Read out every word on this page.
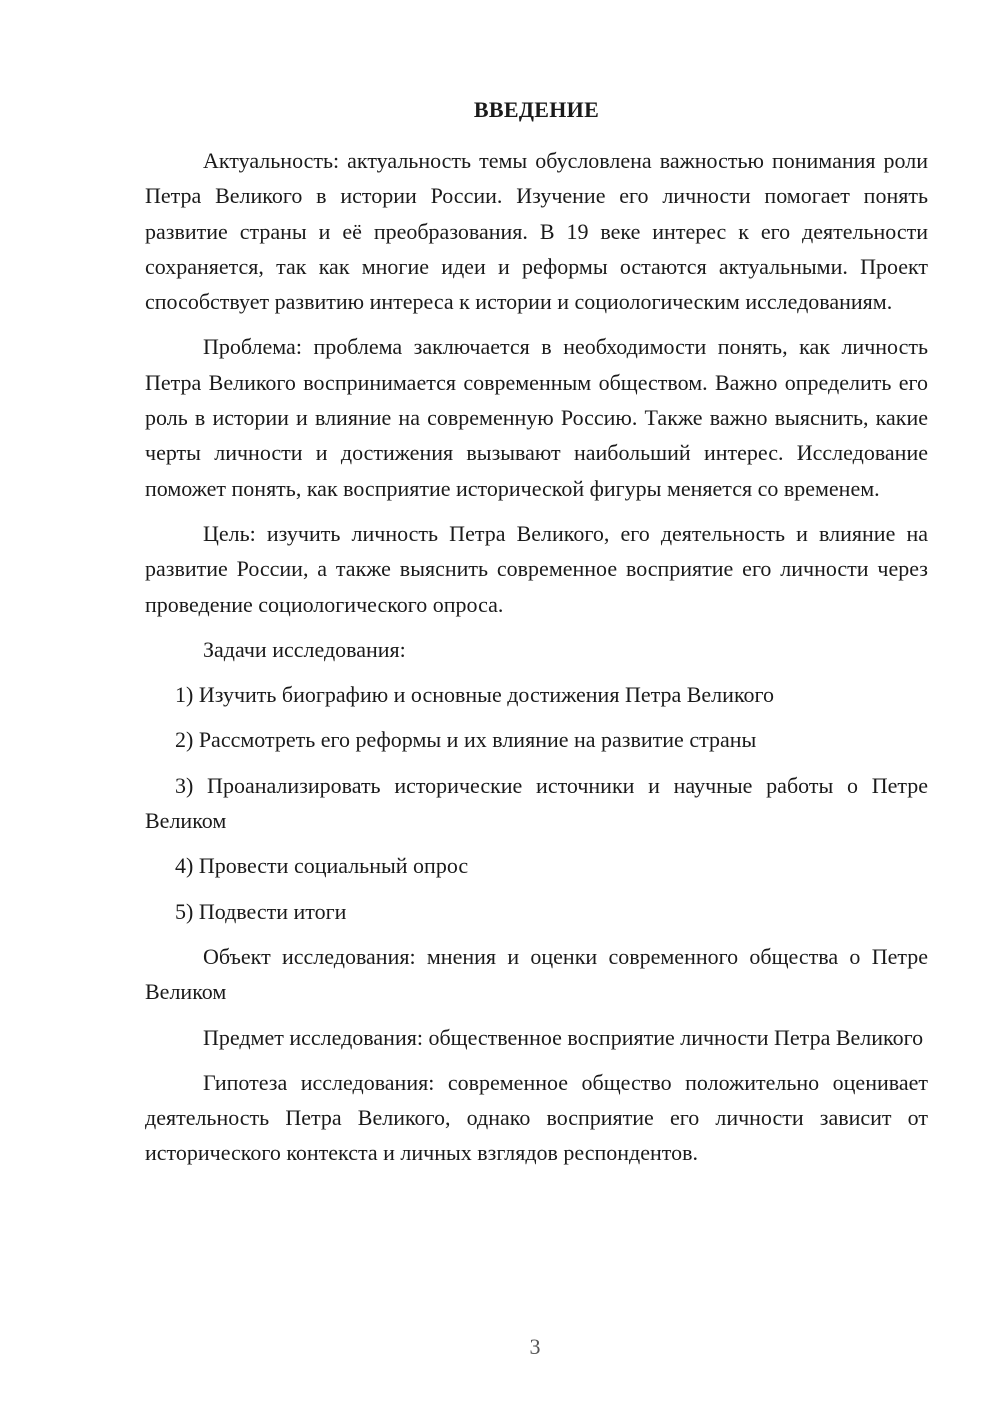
ВВЕДЕНИЕ

Актуальность: актуальность темы обусловлена важностью понимания роли Петра Великого в истории России. Изучение его личности помогает понять развитие страны и её преобразования. В 19 веке интерес к его деятельности сохраняется, так как многие идеи и реформы остаются актуальными. Проект способствует развитию интереса к истории и социологическим исследованиям.

Проблема: проблема заключается в необходимости понять, как личность Петра Великого воспринимается современным обществом. Важно определить его роль в истории и влияние на современную Россию. Также важно выяснить, какие черты личности и достижения вызывают наибольший интерес. Исследование поможет понять, как восприятие исторической фигуры меняется со временем.

Цель: изучить личность Петра Великого, его деятельность и влияние на развитие России, а также выяснить современное восприятие его личности через проведение социологического опроса.

Задачи исследования:

1) Изучить биографию и основные достижения Петра Великого

2) Рассмотреть его реформы и их влияние на развитие страны

3) Проанализировать исторические источники и научные работы о Петре Великом

4) Провести социальный опрос

5) Подвести итоги

Объект исследования: мнения и оценки современного общества о Петре Великом

Предмет исследования: общественное восприятие личности Петра Великого

Гипотеза исследования: современное общество положительно оценивает деятельность Петра Великого, однако восприятие его личности зависит от исторического контекста и личных взглядов респондентов.

3
